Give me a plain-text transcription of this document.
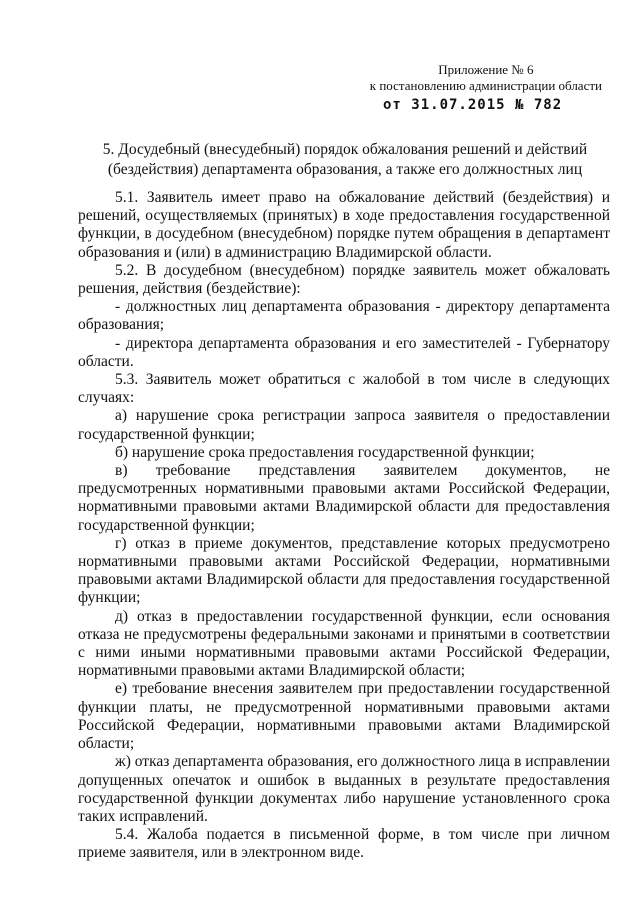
Приложение № 6
к постановлению администрации области
от 31.07.2015 № 782
5. Досудебный (внесудебный) порядок обжалования решений и действий (бездействия) департамента образования, а также его должностных лиц

5.1. Заявитель имеет право на обжалование действий (бездействия) и решений, осуществляемых (принятых) в ходе предоставления государственной функции, в досудебном (внесудебном) порядке путем обращения в департамент образования и (или) в администрацию Владимирской области.

5.2. В досудебном (внесудебном) порядке заявитель может обжаловать решения, действия (бездействие):

- должностных лиц департамента образования - директору департамента образования;

- директора департамента образования и его заместителей - Губернатору области.

5.3. Заявитель может обратиться с жалобой в том числе в следующих случаях:

а) нарушение срока регистрации запроса заявителя о предоставлении государственной функции;

б) нарушение срока предоставления государственной функции;

в) требование представления заявителем документов, не предусмотренных нормативными правовыми актами Российской Федерации, нормативными правовыми актами Владимирской области для предоставления государственной функции;

г) отказ в приеме документов, представление которых предусмотрено нормативными правовыми актами Российской Федерации, нормативными правовыми актами Владимирской области для предоставления государственной функции;

д) отказ в предоставлении государственной функции, если основания отказа не предусмотрены федеральными законами и принятыми в соответствии с ними иными нормативными правовыми актами Российской Федерации, нормативными правовыми актами Владимирской области;

е) требование внесения заявителем при предоставлении государственной функции платы, не предусмотренной нормативными правовыми актами Российской Федерации, нормативными правовыми актами Владимирской области;

ж) отказ департамента образования, его должностного лица в исправлении допущенных опечаток и ошибок в выданных в результате предоставления государственной функции документах либо нарушение установленного срока таких исправлений.

5.4. Жалоба подается в письменной форме, в том числе при личном приеме заявителя, или в электронном виде.
